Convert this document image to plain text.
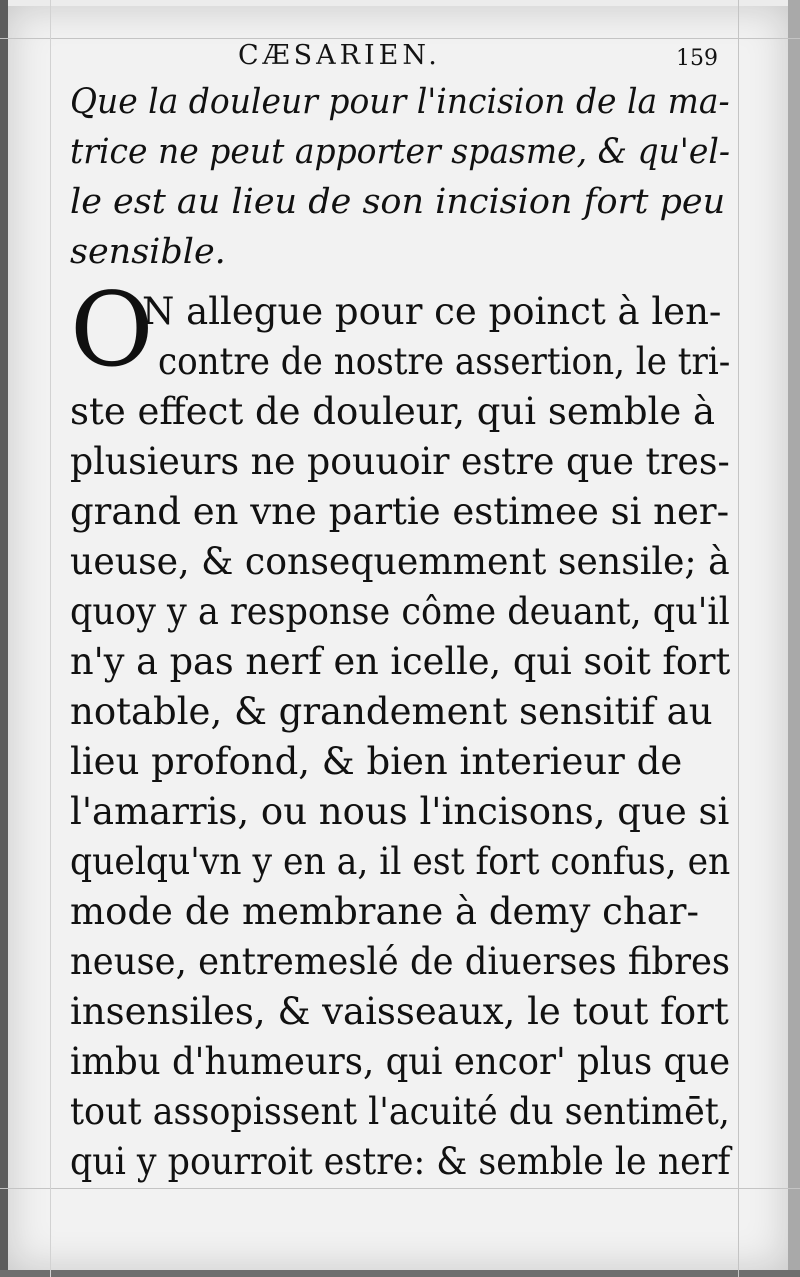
CÆSARIEN.	159
Que la douleur pour l'incision de la ma-
trice ne peut apporter spasme, & qu'el-
le est au lieu de son incision fort peu
sensible.
O
N allegue pour ce poinct à len-
contre de nostre assertion, le tri-
ste effect de douleur, qui semble à
plusieurs ne pouuoir estre que tres-
grand en vne partie estimee si ner-
ueuse, & consequemment sensile; à
quoy y a response côme deuant, qu'il
n'y a pas nerf en icelle, qui soit fort
notable, & grandement sensitif au
lieu profond, & bien interieur de
l'amarris, ou nous l'incisons, que si
quelqu'vn y en a, il est fort confus, en
mode de membrane à demy char-
neuse, entremeslé de diuerses fibres
insensiles, & vaisseaux, le tout fort
imbu d'humeurs, qui encor' plus que
tout assopissent l'acuité du sentimēt,
qui y pourroit estre: & semble le nerf
